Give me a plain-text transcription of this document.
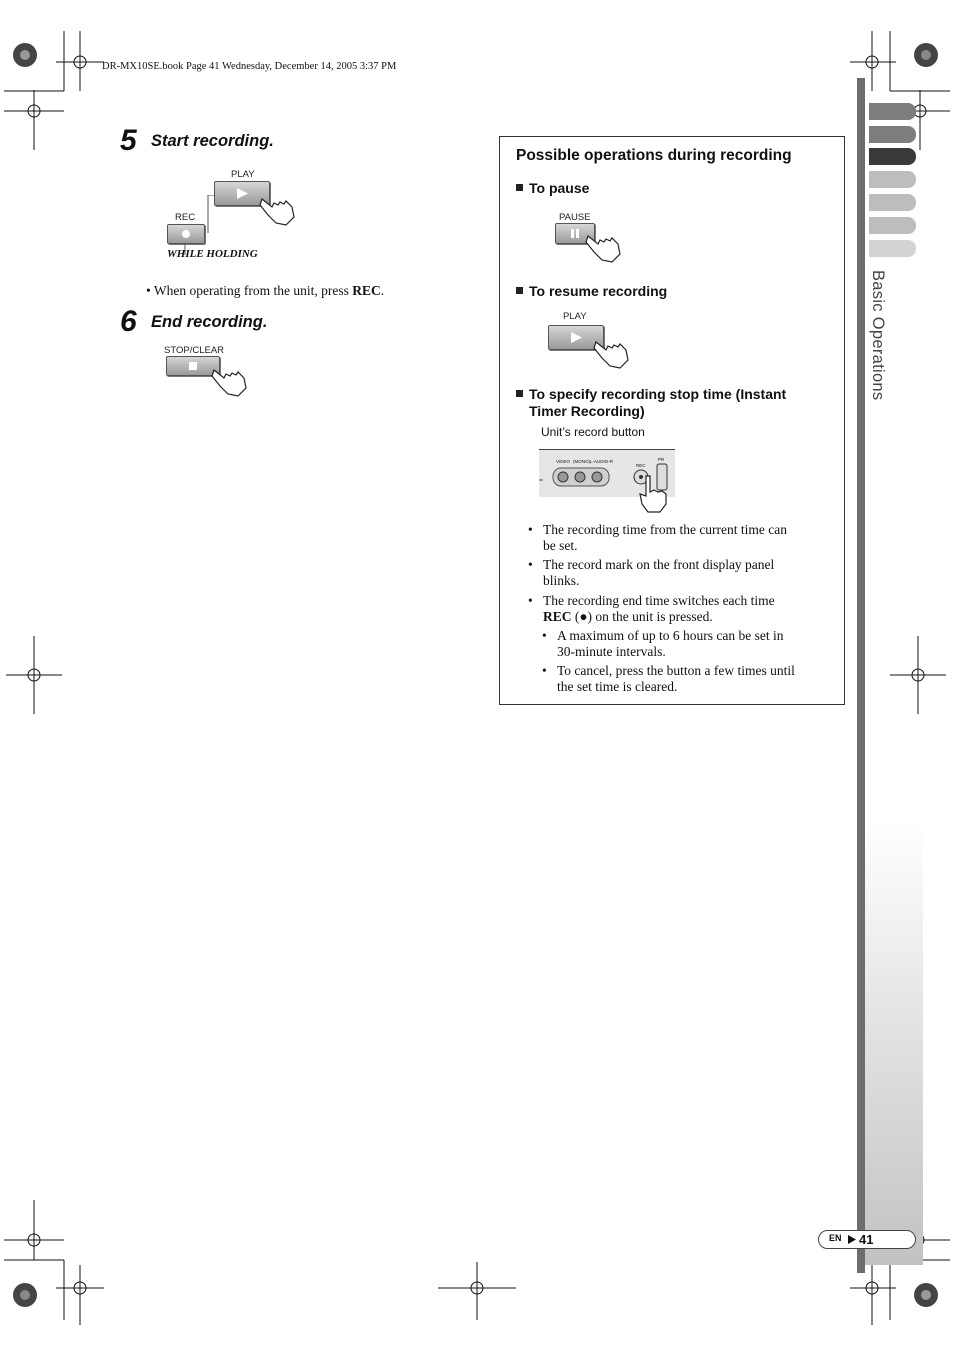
DR-MX10SE.book Page 41 Wednesday, December 14, 2005 3:37 PM
5 Start recording.
PLAY
REC
WHILE HOLDING
• When operating from the unit, press REC.
6 End recording.
STOP/CLEAR
Possible operations during recording
To pause
PAUSE
To resume recording
PLAY
To specify recording stop time (Instant
Timer Recording)
Unit’s record button
VIDEO (MONO)L-AUDIO-R
REC
PR
• The recording time from the current time can
be set.
• The record mark on the front display panel
blinks.
• The recording end time switches each time
REC (●) on the unit is pressed.
• A maximum of up to 6 hours can be set in
30-minute intervals.
• To cancel, press the button a few times until
the set time is cleared.
Basic Operations
EN 41
